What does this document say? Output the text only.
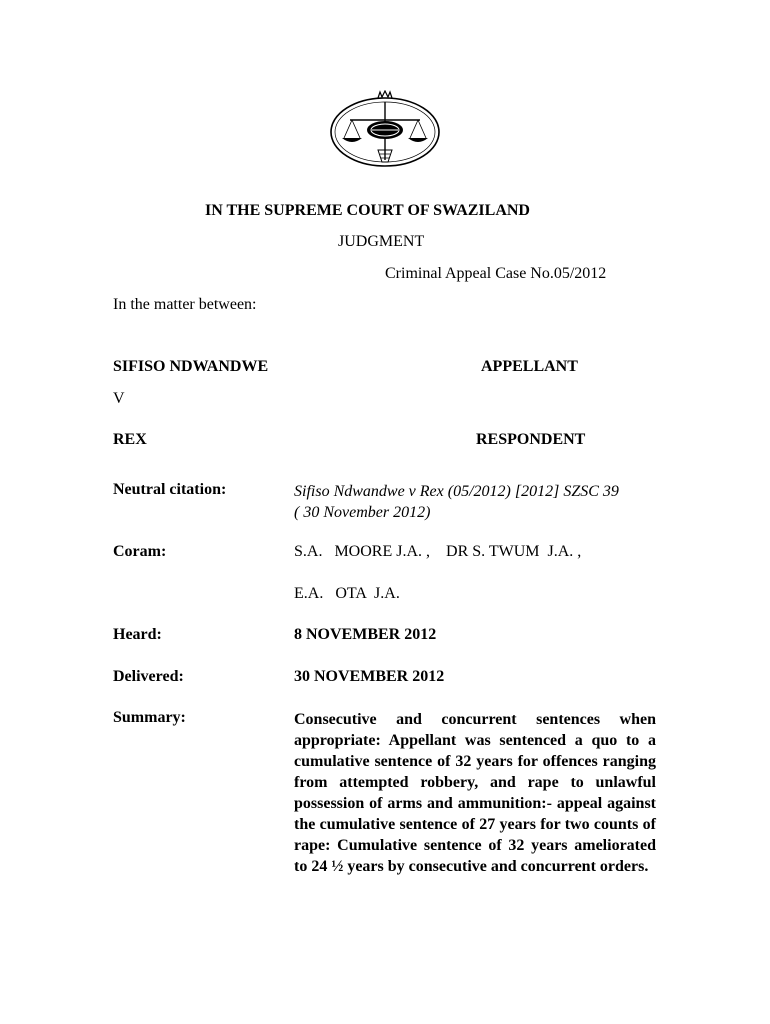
IN THE SUPREME COURT OF SWAZILAND
JUDGMENT
Criminal Appeal Case No.05/2012
In the matter between:
SIFISO NDWANDWE	APPELLANT
V
REX	RESPONDENT
Neutral citation:	Sifiso Ndwandwe v Rex (05/2012) [2012] SZSC 39
( 30 November 2012)
Coram:	S.A.   MOORE J.A. ,    DR S. TWUM  J.A. ,
E.A.   OTA  J.A.
Heard:	8 NOVEMBER 2012
Delivered:	30 NOVEMBER 2012
Summary:	Consecutive and concurrent sentences when appropriate: Appellant was sentenced a quo to a cumulative sentence of 32 years for offences ranging from attempted robbery, and rape to unlawful possession of arms and ammunition:- appeal against the cumulative sentence of 27 years for two counts of rape: Cumulative sentence of 32 years ameliorated to 24 ½ years by consecutive and concurrent orders.
